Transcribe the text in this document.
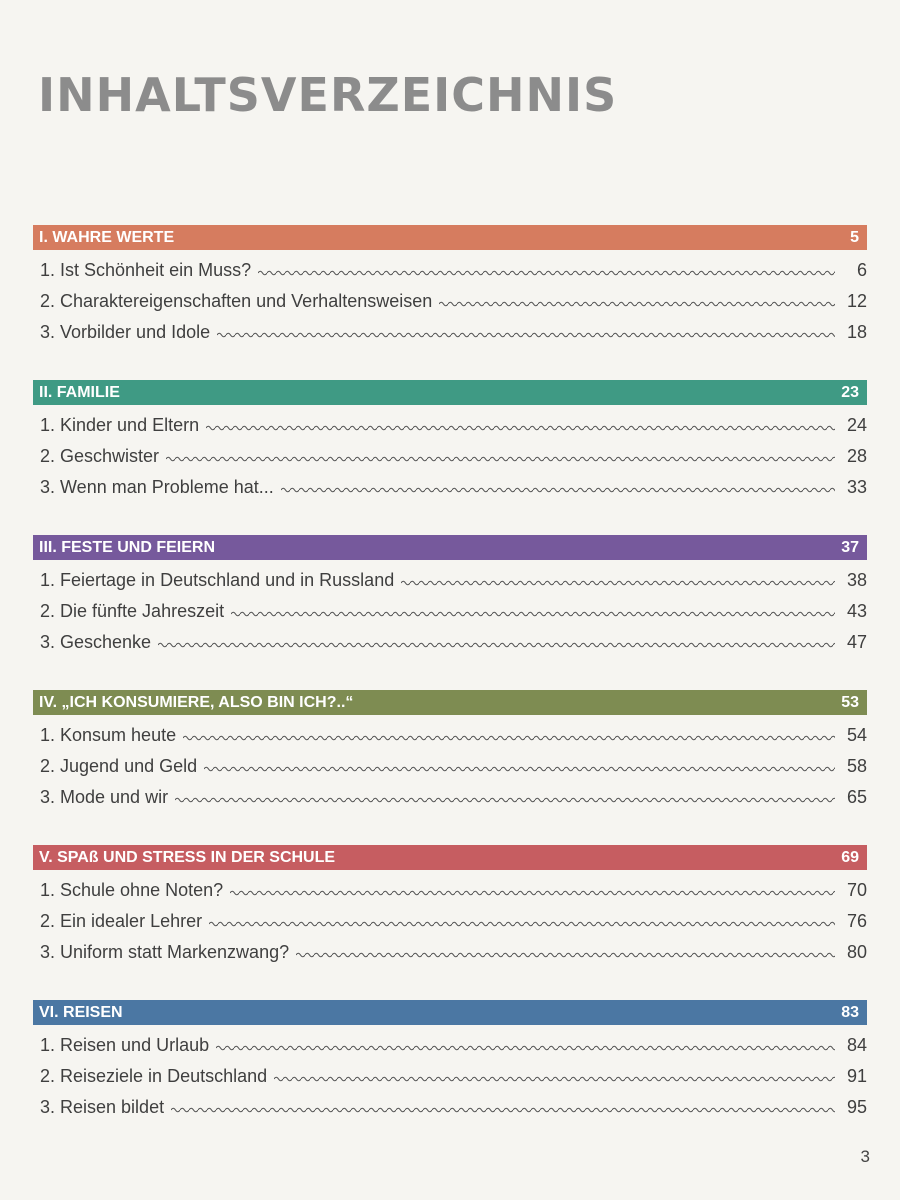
INHALTSVERZEICHNIS
I. WAHRE WERTE	5
1. Ist Schönheit ein Muss?	6
2. Charaktereigenschaften und Verhaltensweisen	12
3. Vorbilder und Idole	18
II. FAMILIE	23
1. Kinder und Eltern	24
2. Geschwister	28
3. Wenn man Probleme hat...	33
III. FESTE UND FEIERN	37
1. Feiertage in Deutschland und in Russland	38
2. Die fünfte Jahreszeit	43
3. Geschenke	47
IV. „ICH KONSUMIERE, ALSO BIN ICH?..“	53
1. Konsum heute	54
2. Jugend und Geld	58
3. Mode und wir	65
V. SPAß UND STRESS IN DER SCHULE	69
1. Schule ohne Noten?	70
2. Ein idealer Lehrer	76
3. Uniform statt Markenzwang?	80
VI. REISEN	83
1. Reisen und Urlaub	84
2. Reiseziele in Deutschland	91
3. Reisen bildet	95
3
